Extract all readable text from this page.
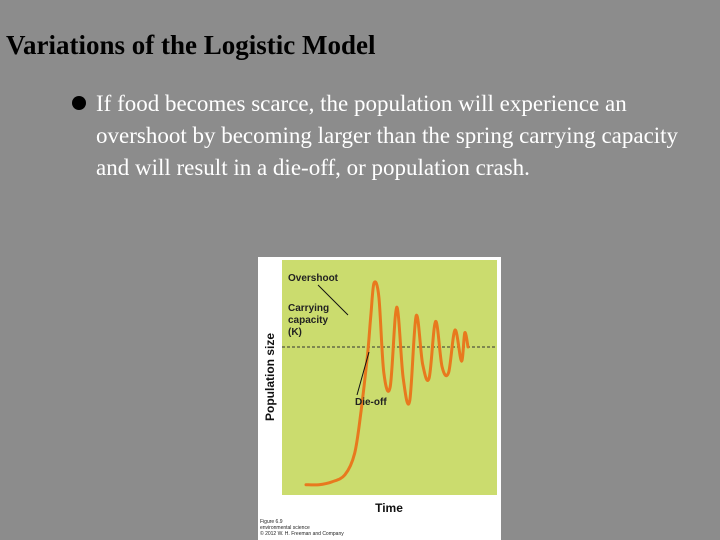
Variations of the Logistic Model
If food becomes scarce, the population will experience an overshoot by becoming larger than the spring carrying capacity and will result in a die-off, or population crash.
Overshoot
Carrying capacity (K)
Die-off
Time
Population size
Figure 6.9
environmental science
© 2012 W. H. Freeman and Company
